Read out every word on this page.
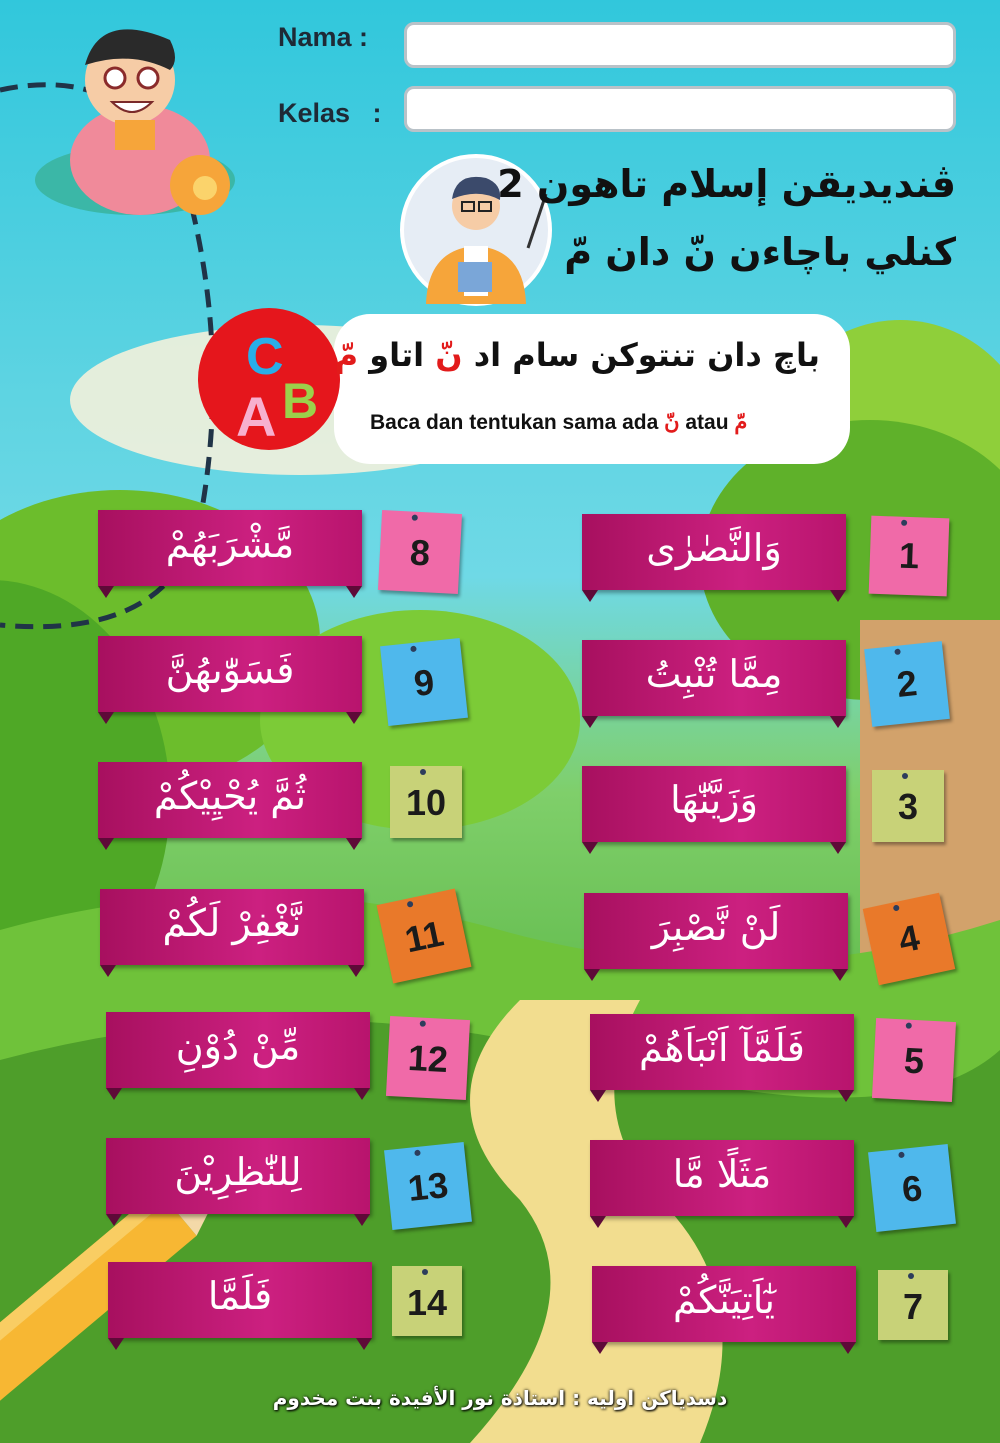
Nama :
Kelas   :
ڤنديديقن إسلام تاهون 2
كنلي باچاءن نّ دان مّ
C
A B
باچ دان تنتوكن سام اد نّ اتاو مّ
Baca dan tentukan sama ada نّ atau مّ
وَالنَّصٰرٰى	1
مِمَّا تُنْبِتُ	2
وَزَيَّنّٰهَا	3
لَنْ نَّصْبِرَ	4
فَلَمَّآ اَنْبَاَهُمْ	5
مَثَلًا مَّا	6
يٰٓاَتِيَنَّكُمْ	7
مَّشْرَبَهُمْ	8
فَسَوّٰىهُنَّ	9
ثُمَّ يُحْيِيْكُمْ	10
نَّغْفِرْ لَكُمْ	11
مِّنْ دُوْنِ	12
لِلنّٰظِرِيْنَ	13
فَلَمَّا	14
دسدياكن اوليه : استاذة نور الأفيدة بنت مخدوم
